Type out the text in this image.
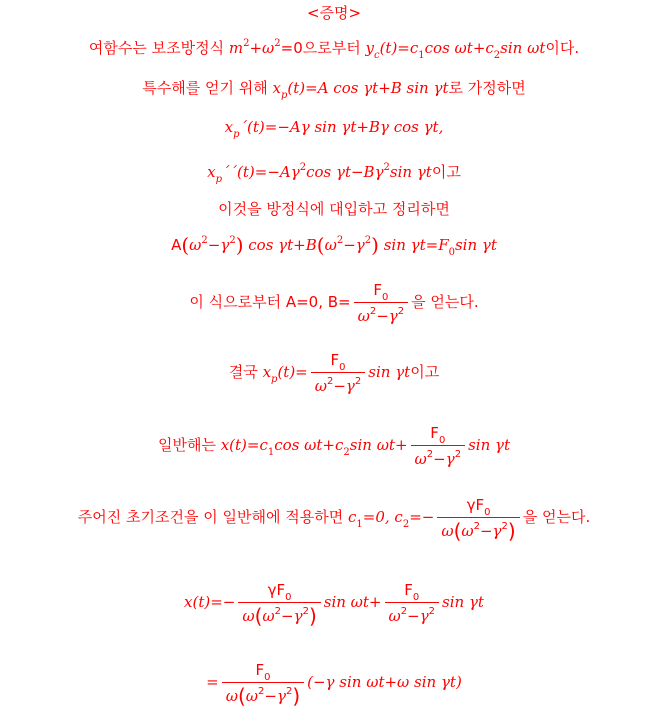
<증명>
여함수는 보조방정식 $m^2+\omega^2=0$으로부터 $y_c(t)=c_1\cos$ $\omega t+c_2\sin$ ωt이다.
특수해를 얻기 위해 $x_p(t)=A$ cos γt+B sin γt로 가정하면
$x_p´(t)=-A\gamma$ sin γt+Bγ cos γt,
$x_p´´(t)=-A\gamma^2\cos$ $\gamma t-B\gamma^2\sin$ γt이고
이것을 방정식에 대입하고 정리하면
$A(\omega^2-\gamma^2)$ $\cos \gamma t+B(\omega^2-\gamma^2)$ $\sin \gamma t=F_0\sin$ γt
이 식으로부터 A=0, $B= \frac{F_0}{\omega^2-\gamma^2}$ 을 얻는다.
결국 $x_p(t)= \frac{F_0}{\omega^2-\gamma^2}$ sin γt이고
일반해는 $x(t)=c_1\cos$ $\omega t+c_2\sin$ $\omega t+ \frac{F_0}{\omega^2-\gamma^2}$ sin γt
주어진 초기조건을 이 일반해에 적용하면 $c_1=0$, $c_2=- \frac{\gamma F_0}{\omega(\omega^2-\gamma^2)}$ 을 얻는다.
$x(t)=- \frac{\gamma F_0}{\omega(\omega^2-\gamma^2)}$ $\sin \omega t+ \frac{F_0}{\omega^2-\gamma^2}$ sin γt
= $\frac{F_0}{\omega(\omega^2-\gamma^2)} (-\gamma$ sin ωt+ω sin γt)
